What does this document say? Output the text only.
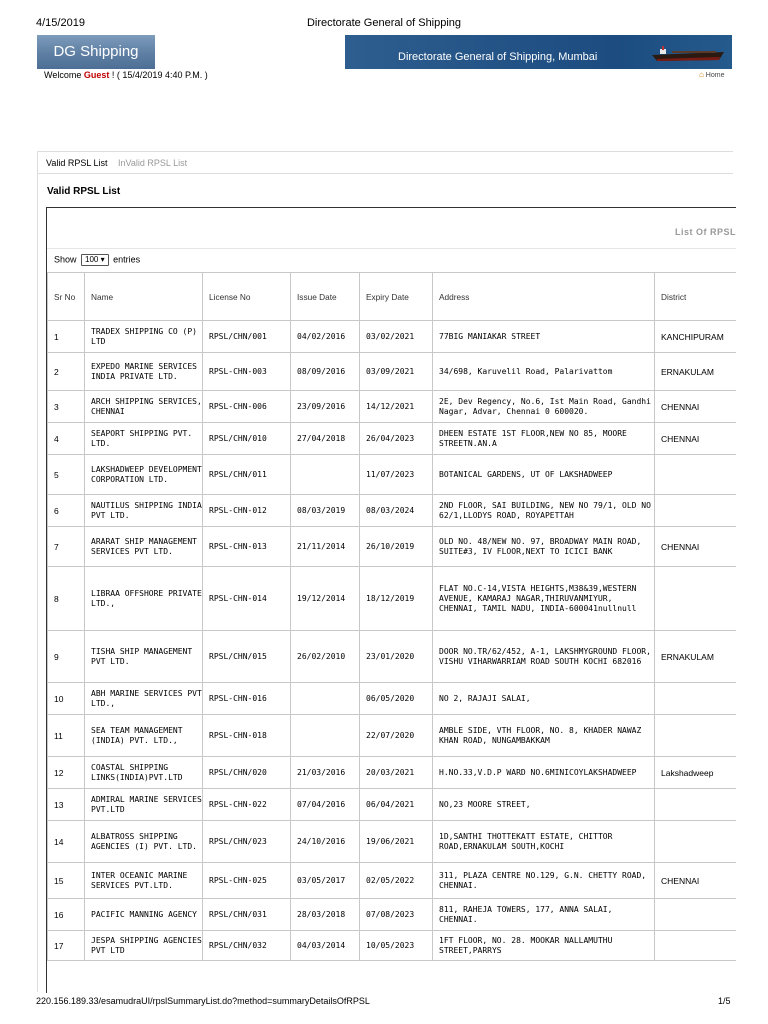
4/15/2019	Directorate General of Shipping
DG Shipping
Welcome Guest ! ( 15/4/2019 4:40 P.M. )
Directorate General of Shipping, Mumbai
⌂ Home
Valid RPSL List InValid RPSL List
Valid RPSL List
List Of RPSL
Show 100 ▾ entries
Sr No	Name	License No	Issue Date	Expiry Date	Address	District
1	TRADEX SHIPPING CO (P) LTD	RPSL/CHN/001	04/02/2016	03/02/2021	77BIG MANIAKAR STREET	KANCHIPURAM
2	EXPEDO MARINE SERVICES INDIA PRIVATE LTD.	RPSL-CHN-003	08/09/2016	03/09/2021	34/698, Karuvelil Road, Palarivattom	ERNAKULAM
3	ARCH SHIPPING SERVICES, CHENNAI	RPSL-CHN-006	23/09/2016	14/12/2021	2E, Dev Regency, No.6, Ist Main Road, Gandhi Nagar, Advar, Chennai 0 600020.	CHENNAI
4	SEAPORT SHIPPING PVT. LTD.	RPSL/CHN/010	27/04/2018	26/04/2023	DHEEN ESTATE 1ST FLOOR,NEW NO 85, MOORE STREETN.AN.A	CHENNAI
5	LAKSHADWEEP DEVELOPMENT CORPORATION LTD.	RPSL/CHN/011		11/07/2023	BOTANICAL GARDENS, UT OF LAKSHADWEEP	
6	NAUTILUS SHIPPING INDIA PVT LTD.	RPSL-CHN-012	08/03/2019	08/03/2024	2ND FLOOR, SAI BUILDING, NEW NO 79/1, OLD NO 62/1,LLODYS ROAD, ROYAPETTAH	
7	ARARAT SHIP MANAGEMENT SERVICES PVT LTD.	RPSL-CHN-013	21/11/2014	26/10/2019	OLD NO. 48/NEW NO. 97, BROADWAY MAIN ROAD, SUITE#3, IV FLOOR,NEXT TO ICICI BANK	CHENNAI
8	LIBRAA OFFSHORE PRIVATE LTD.,	RPSL-CHN-014	19/12/2014	18/12/2019	FLAT NO.C-14,VISTA HEIGHTS,M38&39,WESTERN AVENUE, KAMARAJ NAGAR,THIRUVANMIYUR, CHENNAI, TAMIL NADU, INDIA-600041nullnull	
9	TISHA SHIP MANAGEMENT PVT LTD.	RPSL/CHN/015	26/02/2010	23/01/2020	DOOR NO.TR/62/452, A-1, LAKSHMYGROUND FLOOR, VISHU VIHARWARRIAM ROAD SOUTH KOCHI 682016	ERNAKULAM
10	ABH MARINE SERVICES PVT LTD.,	RPSL-CHN-016		06/05/2020	NO 2, RAJAJI SALAI,	
11	SEA TEAM MANAGEMENT (INDIA) PVT. LTD.,	RPSL-CHN-018		22/07/2020	AMBLE SIDE, VTH FLOOR, NO. 8, KHADER NAWAZ KHAN ROAD, NUNGAMBAKKAM	
12	COASTAL SHIPPING LINKS(INDIA)PVT.LTD	RPSL/CHN/020	21/03/2016	20/03/2021	H.NO.33,V.D.P WARD NO.6MINICOYLAKSHADWEEP	Lakshadweep
13	ADMIRAL MARINE SERVICES PVT.LTD	RPSL-CHN-022	07/04/2016	06/04/2021	NO,23 MOORE STREET,	
14	ALBATROSS SHIPPING AGENCIES (I) PVT. LTD.	RPSL/CHN/023	24/10/2016	19/06/2021	1D,SANTHI THOTTEKATT ESTATE, CHITTOR ROAD,ERNAKULAM SOUTH,KOCHI	
15	INTER OCEANIC MARINE SERVICES PVT.LTD.	RPSL-CHN-025	03/05/2017	02/05/2022	311, PLAZA CENTRE NO.129, G.N. CHETTY ROAD, CHENNAI.	CHENNAI
16	PACIFIC MANNING AGENCY	RPSL/CHN/031	28/03/2018	07/08/2023	811, RAHEJA TOWERS, 177, ANNA SALAI, CHENNAI.	
17	JESPA SHIPPING AGENCIES PVT LTD	RPSL/CHN/032	04/03/2014	10/05/2023	1FT FLOOR, NO. 28. MOOKAR NALLAMUTHU STREET,PARRYS	
220.156.189.33/esamudraUI/rpslSummaryList.do?method=summaryDetailsOfRPSL	1/5
